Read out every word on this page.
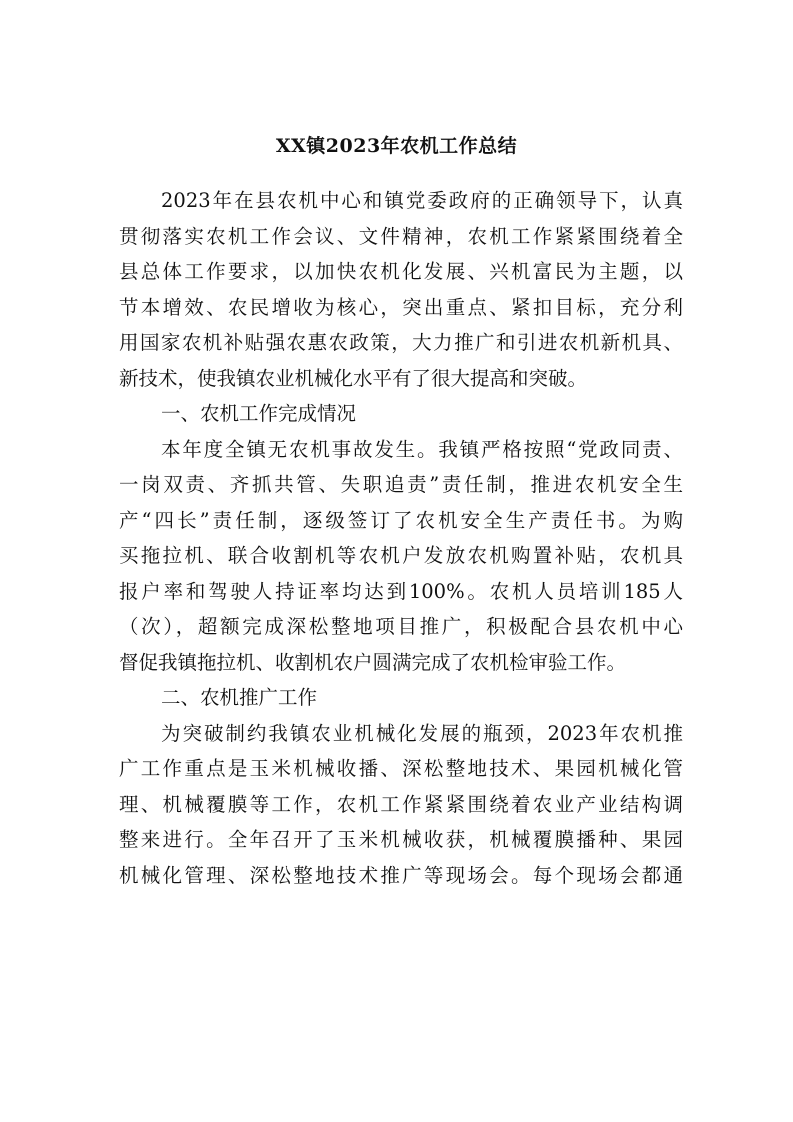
XX镇2023年农机工作总结
2023年在县农机中心和镇党委政府的正确领导下，认真
贯彻落实农机工作会议、文件精神，农机工作紧紧围绕着全
县总体工作要求，以加快农机化发展、兴机富民为主题，以
节本增效、农民增收为核心，突出重点、紧扣目标，充分利
用国家农机补贴强农惠农政策，大力推广和引进农机新机具、
新技术，使我镇农业机械化水平有了很大提高和突破。
一、农机工作完成情况
本年度全镇无农机事故发生。我镇严格按照“党政同责、
一岗双责、齐抓共管、失职追责”责任制，推进农机安全生
产“四长”责任制，逐级签订了农机安全生产责任书。为购
买拖拉机、联合收割机等农机户发放农机购置补贴，农机具
报户率和驾驶人持证率均达到100%。农机人员培训185人
（次），超额完成深松整地项目推广，积极配合县农机中心
督促我镇拖拉机、收割机农户圆满完成了农机检审验工作。
二、农机推广工作
为突破制约我镇农业机械化发展的瓶颈，2023年农机推
广工作重点是玉米机械收播、深松整地技术、果园机械化管
理、机械覆膜等工作，农机工作紧紧围绕着农业产业结构调
整来进行。全年召开了玉米机械收获，机械覆膜播种、果园
机械化管理、深松整地技术推广等现场会。每个现场会都通
